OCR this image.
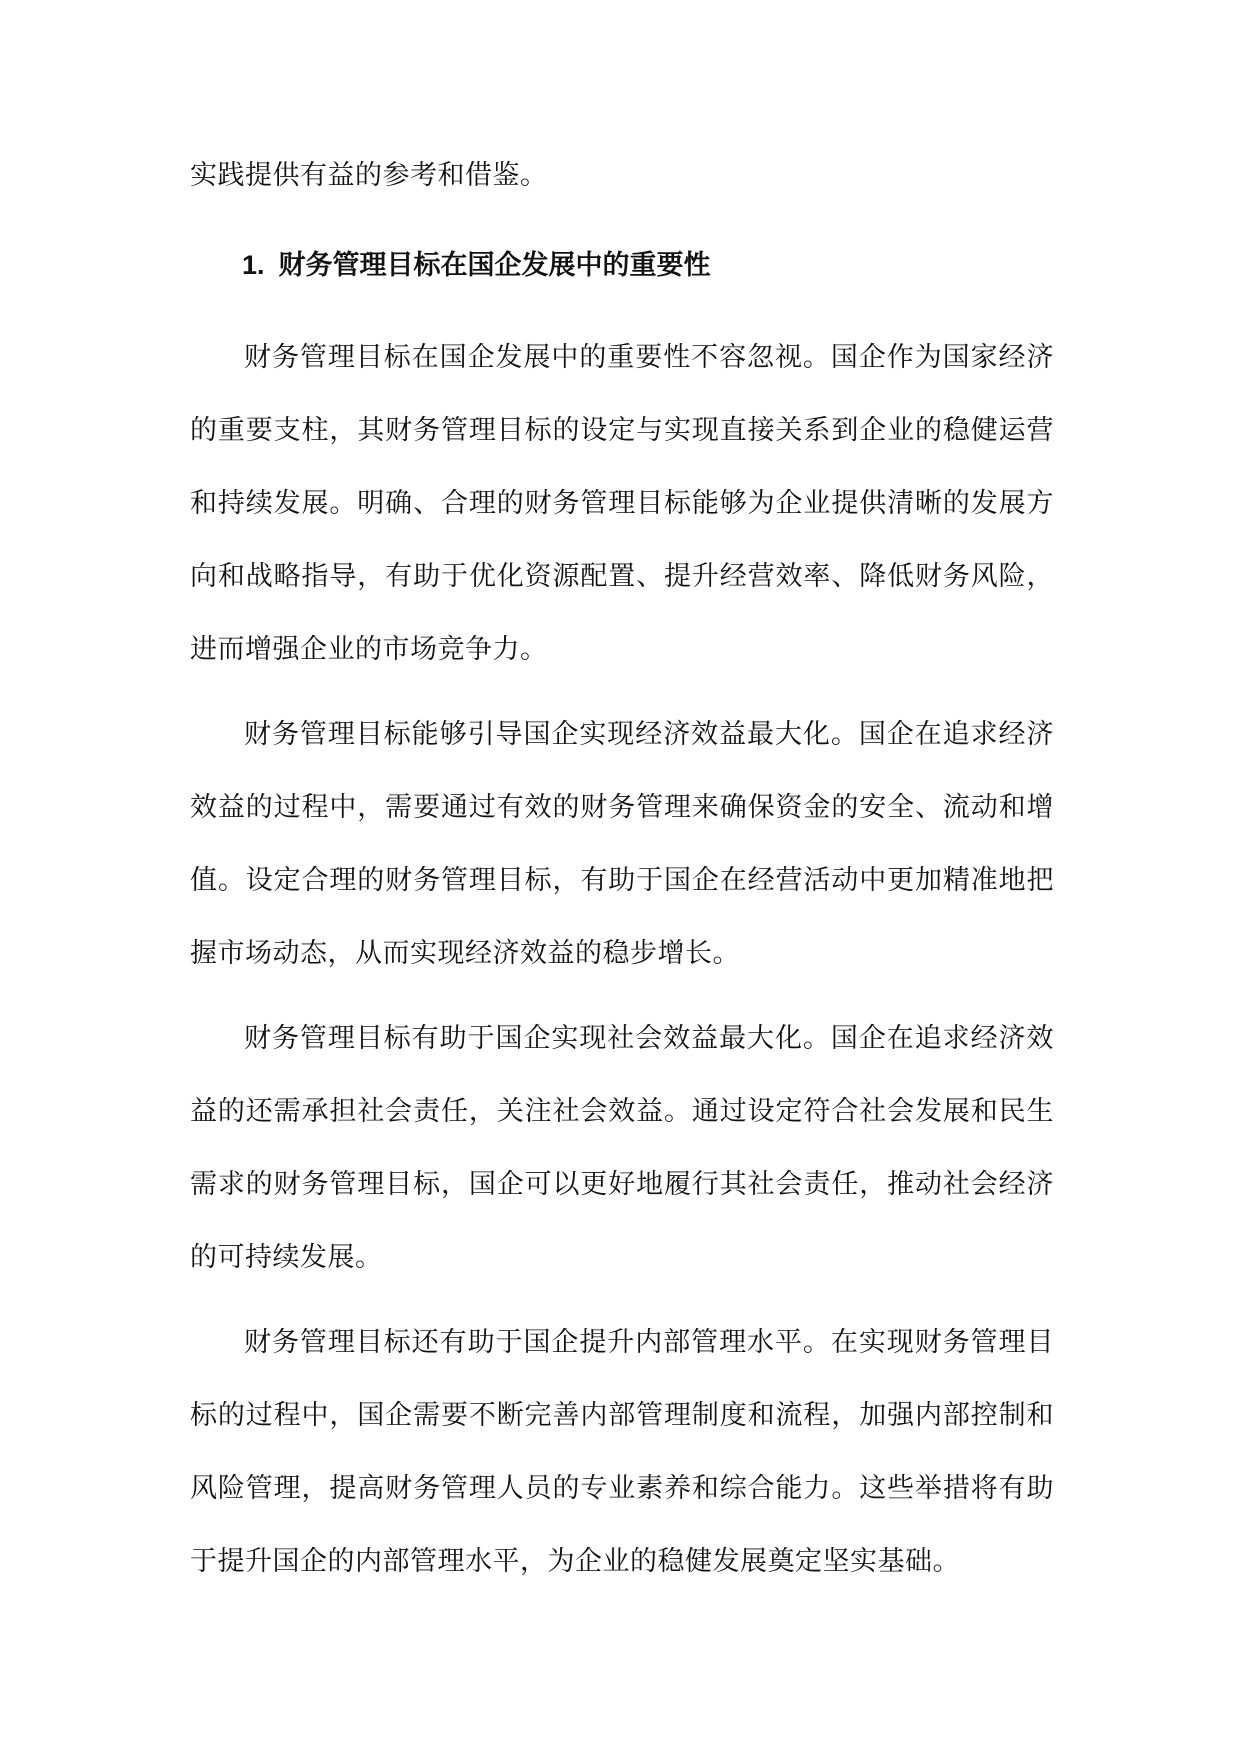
实践提供有益的参考和借鉴。
1. 财务管理目标在国企发展中的重要性

财务管理目标在国企发展中的重要性不容忽视。国企作为国家经济的重要支柱，其财务管理目标的设定与实现直接关系到企业的稳健运营和持续发展。明确、合理的财务管理目标能够为企业提供清晰的发展方向和战略指导，有助于优化资源配置、提升经营效率、降低财务风险，进而增强企业的市场竞争力。

财务管理目标能够引导国企实现经济效益最大化。国企在追求经济效益的过程中，需要通过有效的财务管理来确保资金的安全、流动和增值。设定合理的财务管理目标，有助于国企在经营活动中更加精准地把握市场动态，从而实现经济效益的稳步增长。

财务管理目标有助于国企实现社会效益最大化。国企在追求经济效益的还需承担社会责任，关注社会效益。通过设定符合社会发展和民生需求的财务管理目标，国企可以更好地履行其社会责任，推动社会经济的可持续发展。

财务管理目标还有助于国企提升内部管理水平。在实现财务管理目标的过程中，国企需要不断完善内部管理制度和流程，加强内部控制和风险管理，提高财务管理人员的专业素养和综合能力。这些举措将有助于提升国企的内部管理水平，为企业的稳健发展奠定坚实基础。
